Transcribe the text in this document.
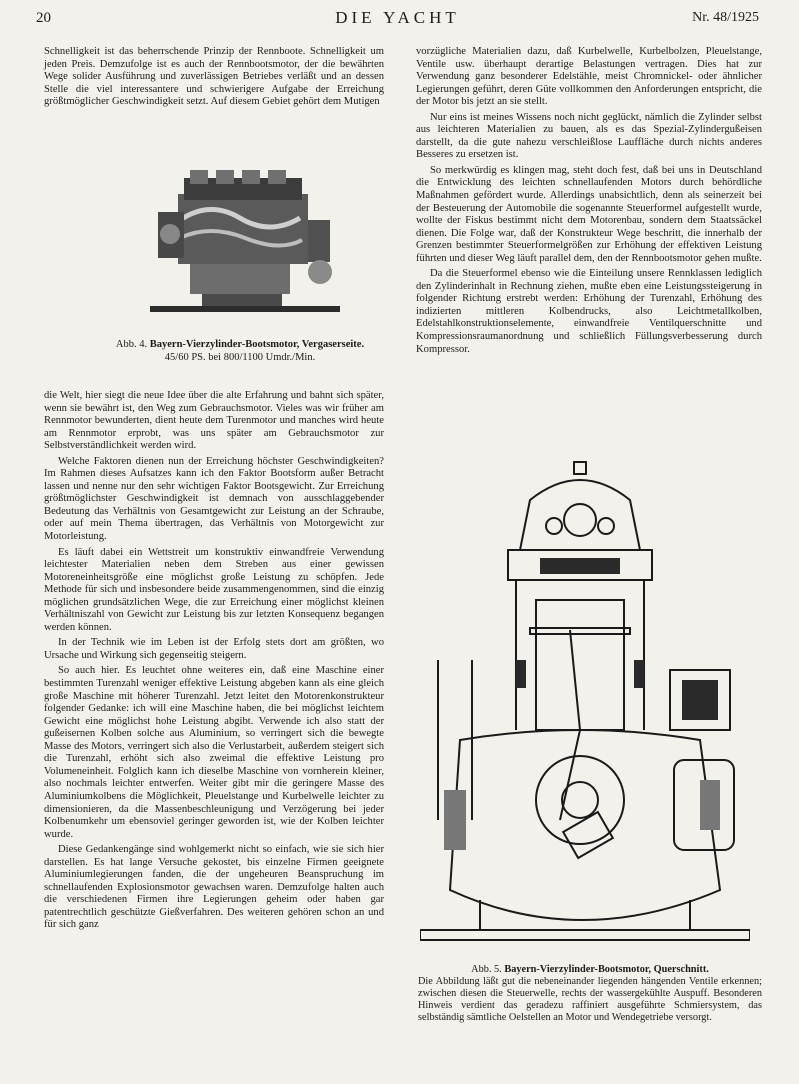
20	DIE YACHT	Nr. 48/1925

Schnelligkeit ist das beherrschende Prinzip der Rennboote. Schnelligkeit um jeden Preis. Demzufolge ist es auch der Rennbootsmotor, der die bewährten Wege solider Ausführung und zuverlässigen Betriebes verläßt und an dessen Stelle die viel interessantere und schwierigere Aufgabe der Erreichung größtmöglicher Geschwindigkeit setzt. Auf diesem Gebiet gehört dem Mutigen

Abb. 4. Bayern-Vierzylinder-Bootsmotor, Vergaserseite.
45/60 PS. bei 800/1100 Umdr./Min.

die Welt, hier siegt die neue Idee über die alte Erfahrung und bahnt sich später, wenn sie bewährt ist, den Weg zum Gebrauchsmotor. Vieles was wir früher am Rennmotor bewunderten, dient heute dem Turenmotor und manches wird heute am Rennmotor erprobt, was uns später am Gebrauchsmotor zur Selbstverständlichkeit werden wird.

Welche Faktoren dienen nun der Erreichung höchster Geschwindigkeiten? Im Rahmen dieses Aufsatzes kann ich den Faktor Bootsform außer Betracht lassen und nenne nur den sehr wichtigen Faktor Bootsgewicht. Zur Erreichung größtmöglichster Geschwindigkeit ist demnach von ausschlaggebender Bedeutung das Verhältnis von Gesamtgewicht zur Leistung an der Schraube, oder auf mein Thema übertragen, das Verhältnis von Motorgewicht zur Motorleistung.

Es läuft dabei ein Wettstreit um konstruktiv einwandfreie Verwendung leichtester Materialien neben dem Streben aus einer gewissen Motoreneinheitsgröße eine möglichst große Leistung zu schöpfen. Jede Methode für sich und insbesondere beide zusammengenommen, sind die einzig möglichen grundsätzlichen Wege, die zur Erreichung einer möglichst kleinen Verhältniszahl von Gewicht zur Leistung bis zur letzten Konsequenz begangen werden können.

In der Technik wie im Leben ist der Erfolg stets dort am größten, wo Ursache und Wirkung sich gegenseitig steigern.

So auch hier. Es leuchtet ohne weiteres ein, daß eine Maschine einer bestimmten Turenzahl weniger effektive Leistung abgeben kann als eine gleich große Maschine mit höherer Turenzahl. Jetzt leitet den Motorenkonstrukteur folgender Gedanke: ich will eine Maschine haben, die bei möglichst leichtem Gewicht eine möglichst hohe Leistung abgibt. Verwende ich also statt der gußeisernen Kolben solche aus Aluminium, so verringert sich die bewegte Masse des Motors, verringert sich also die Verlustarbeit, außerdem steigert sich die Turenzahl, erhöht sich also zweimal die effektive Leistung pro Volumeneinheit. Folglich kann ich dieselbe Maschine von vornherein kleiner, also nochmals leichter entwerfen. Weiter gibt mir die geringere Masse des Aluminiumkolbens die Möglichkeit, Pleuelstange und Kurbelwelle leichter zu dimensionieren, da die Massenbeschleunigung und Verzögerung bei jeder Kolbenumkehr um ebensoviel geringer geworden ist, wie der Kolben leichter wurde.

Diese Gedankengänge sind wohlgemerkt nicht so einfach, wie sie sich hier darstellen. Es hat lange Versuche gekostet, bis einzelne Firmen geeignete Aluminiumlegierungen fanden, die der ungeheuren Beanspruchung im schnellaufenden Explosionsmotor gewachsen waren. Demzufolge halten auch die verschiedenen Firmen ihre Legierungen geheim oder haben gar patentrechtlich geschützte Gießverfahren. Des weiteren gehören schon an und für sich ganz

vorzügliche Materialien dazu, daß Kurbelwelle, Kurbelbolzen, Pleuelstange, Ventile usw. überhaupt derartige Belastungen vertragen. Dies hat zur Verwendung ganz besonderer Edelstähle, meist Chromnickel- oder ähnlicher Legierungen geführt, deren Güte vollkommen den Anforderungen entspricht, die der Motor bis jetzt an sie stellt.

Nur eins ist meines Wissens noch nicht geglückt, nämlich die Zylinder selbst aus leichteren Materialien zu bauen, als es das Spezial-Zylindergußeisen darstellt, da die gute nahezu verschleißlose Lauffläche durch nichts anderes Besseres zu ersetzen ist.

So merkwürdig es klingen mag, steht doch fest, daß bei uns in Deutschland die Entwicklung des leichten schnellaufenden Motors durch behördliche Maßnahmen gefördert wurde. Allerdings unabsichtlich, denn als seinerzeit bei der Besteuerung der Automobile die sogenannte Steuerformel aufgestellt wurde, wollte der Fiskus bestimmt nicht dem Motorenbau, sondern dem Staatssäckel dienen. Die Folge war, daß der Konstrukteur Wege beschritt, die innerhalb der Grenzen bestimmter Steuerformelgrößen zur Erhöhung der effektiven Leistung führten und dieser Weg läuft parallel dem, den der Rennbootsmotor gehen mußte.

Da die Steuerformel ebenso wie die Einteilung unsere Rennklassen lediglich den Zylinderinhalt in Rechnung ziehen, mußte eben eine Leistungssteigerung in folgender Richtung erstrebt werden: Erhöhung der Turenzahl, Erhöhung des indizierten mittleren Kolbendrucks, also Leichtmetallkolben, Edelstahlkonstruktionselemente, einwandfreie Ventilquerschnitte und Kompressionsraumanordnung und schließlich Füllungsverbesserung durch Kompressor.

Abb. 5. Bayern-Vierzylinder-Bootsmotor, Querschnitt.
Die Abbildung läßt gut die nebeneinander liegenden hängenden Ventile erkennen; zwischen diesen die Steuerwelle, rechts der wassergekühlte Auspuff. Besonderen Hinweis verdient das geradezu raffiniert ausgeführte Schmiersystem, das selbständig sämtliche Oelstellen an Motor und Wendegetriebe versorgt.
